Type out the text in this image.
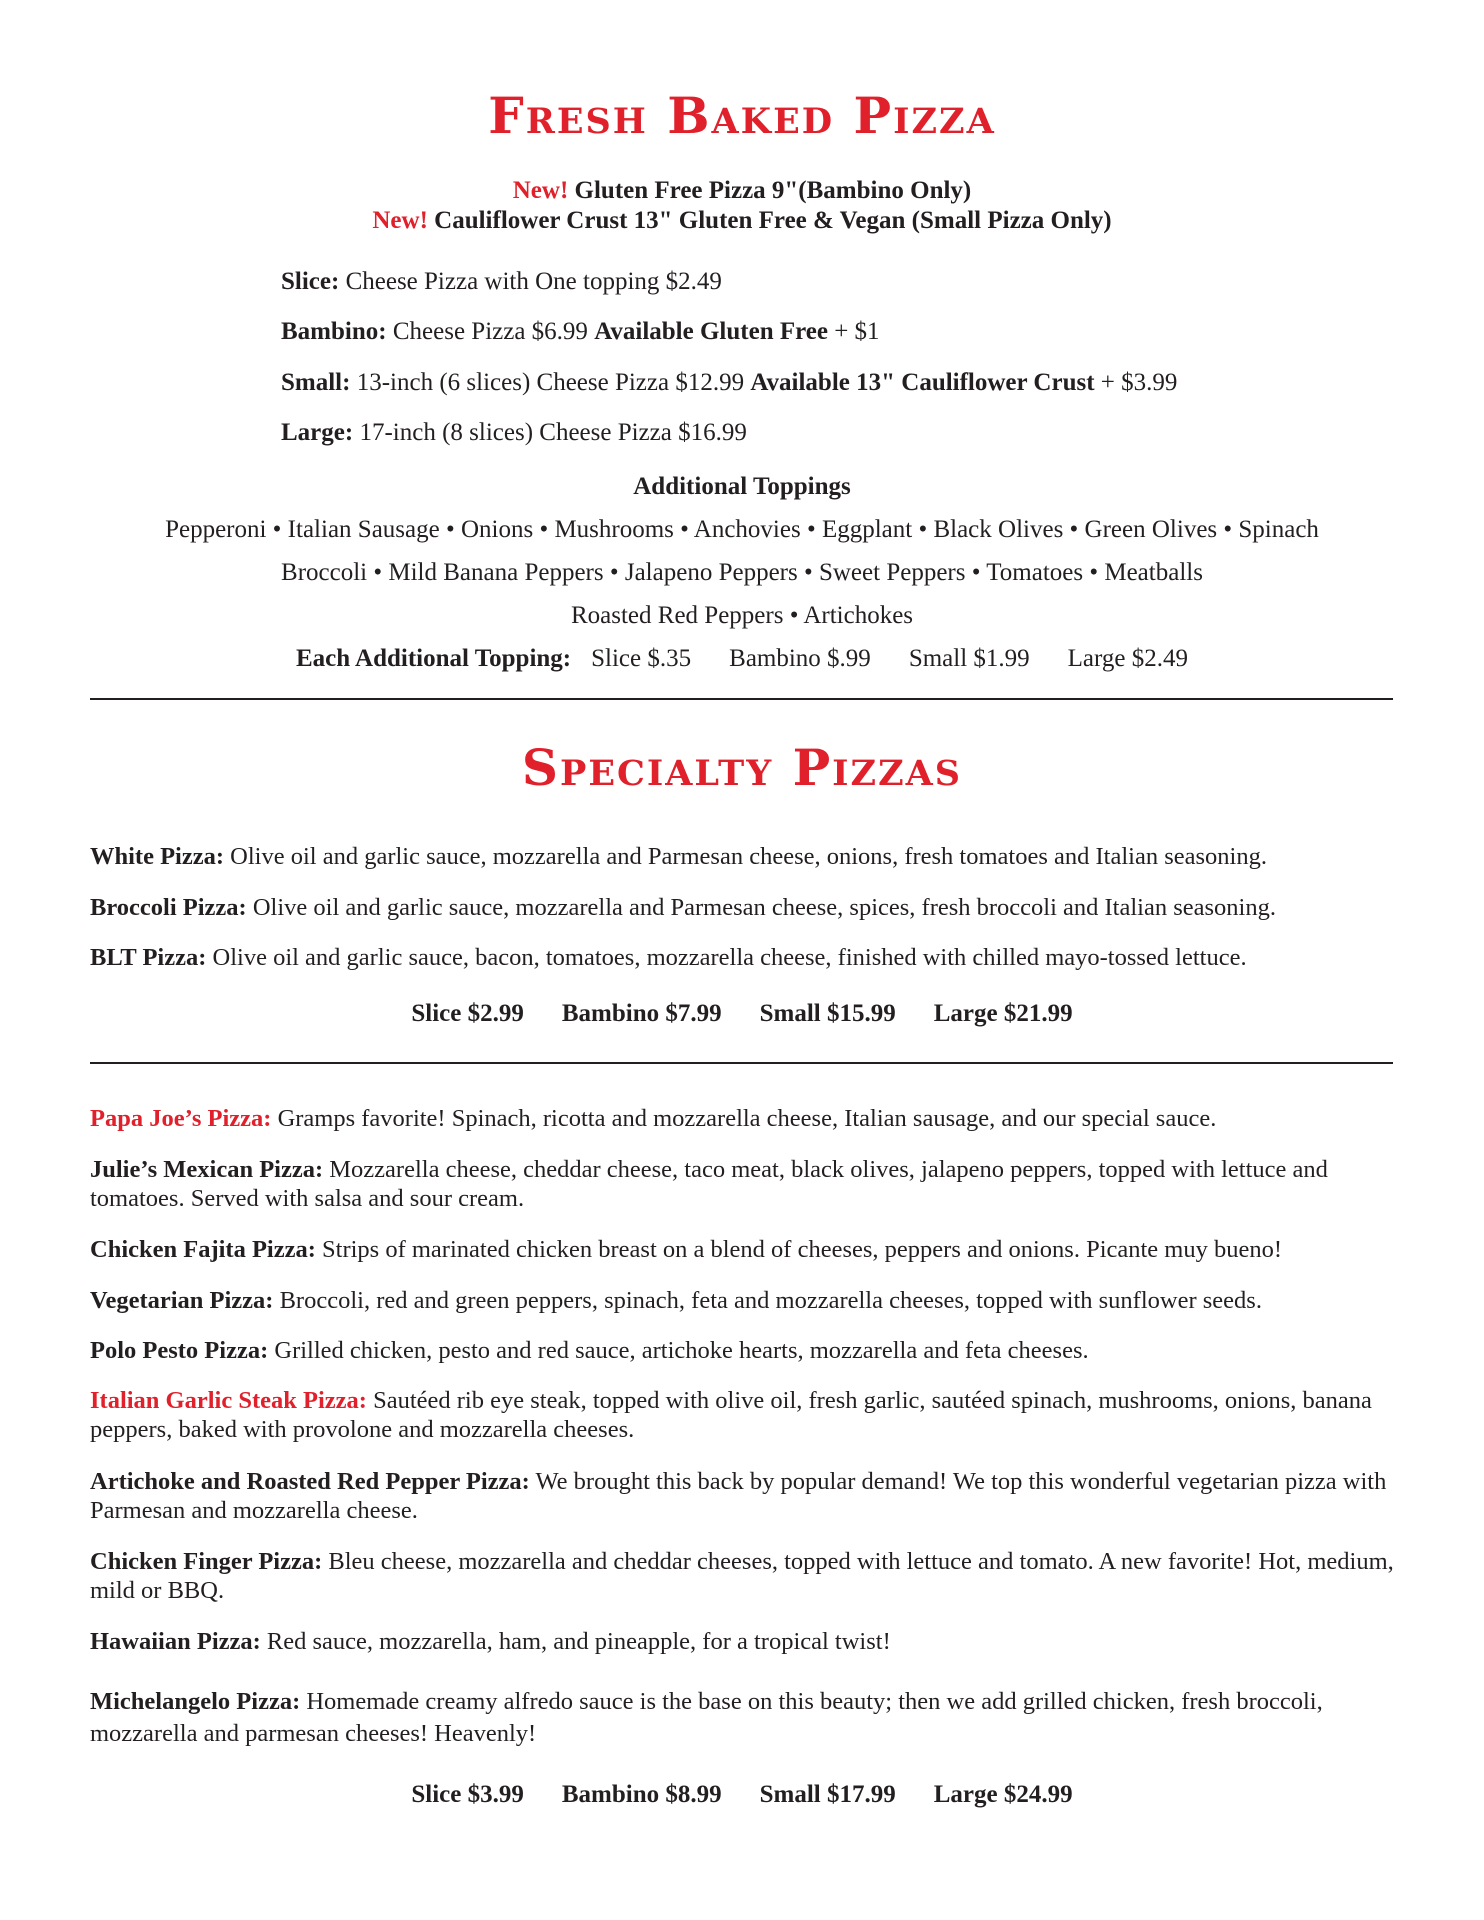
Fresh Baked Pizza
New! Gluten Free Pizza 9"(Bambino Only)
New! Cauliflower Crust 13" Gluten Free & Vegan (Small Pizza Only)
Slice: Cheese Pizza with One topping $2.49
Bambino: Cheese Pizza $6.99 Available Gluten Free + $1
Small: 13-inch (6 slices) Cheese Pizza $12.99 Available 13" Cauliflower Crust + $3.99
Large: 17-inch (8 slices) Cheese Pizza $16.99
Additional Toppings
Pepperoni • Italian Sausage • Onions • Mushrooms • Anchovies • Eggplant • Black Olives • Green Olives • Spinach
Broccoli • Mild Banana Peppers • Jalapeno Peppers • Sweet Peppers • Tomatoes • Meatballs
Roasted Red Peppers • Artichokes
Each Additional Topping: Slice $.35 Bambino $.99 Small $1.99 Large $2.49
Specialty Pizzas
White Pizza: Olive oil and garlic sauce, mozzarella and Parmesan cheese, onions, fresh tomatoes and Italian seasoning.
Broccoli Pizza: Olive oil and garlic sauce, mozzarella and Parmesan cheese, spices, fresh broccoli and Italian seasoning.
BLT Pizza: Olive oil and garlic sauce, bacon, tomatoes, mozzarella cheese, finished with chilled mayo-tossed lettuce.
Slice $2.99 Bambino $7.99 Small $15.99 Large $21.99
Papa Joe’s Pizza: Gramps favorite! Spinach, ricotta and mozzarella cheese, Italian sausage, and our special sauce.
Julie’s Mexican Pizza: Mozzarella cheese, cheddar cheese, taco meat, black olives, jalapeno peppers, topped with lettuce and tomatoes. Served with salsa and sour cream.
Chicken Fajita Pizza: Strips of marinated chicken breast on a blend of cheeses, peppers and onions. Picante muy bueno!
Vegetarian Pizza: Broccoli, red and green peppers, spinach, feta and mozzarella cheeses, topped with sunflower seeds.
Polo Pesto Pizza: Grilled chicken, pesto and red sauce, artichoke hearts, mozzarella and feta cheeses.
Italian Garlic Steak Pizza: Sautéed rib eye steak, topped with olive oil, fresh garlic, sautéed spinach, mushrooms, onions, banana peppers, baked with provolone and mozzarella cheeses.
Artichoke and Roasted Red Pepper Pizza: We brought this back by popular demand! We top this wonderful vegetarian pizza with Parmesan and mozzarella cheese.
Chicken Finger Pizza: Bleu cheese, mozzarella and cheddar cheeses, topped with lettuce and tomato. A new favorite! Hot, medium, mild or BBQ.
Hawaiian Pizza: Red sauce, mozzarella, ham, and pineapple, for a tropical twist!
Michelangelo Pizza: Homemade creamy alfredo sauce is the base on this beauty; then we add grilled chicken, fresh broccoli, mozzarella and parmesan cheeses! Heavenly!
Slice $3.99 Bambino $8.99 Small $17.99 Large $24.99
